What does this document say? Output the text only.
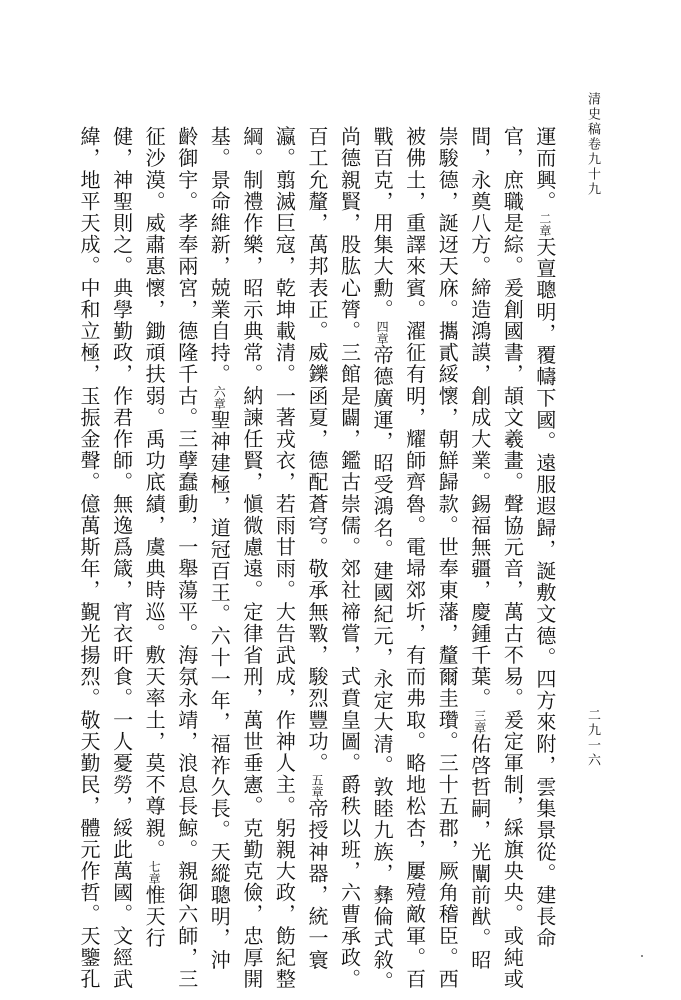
清史稿卷九十九
二九一六
運而興。二章天亶聰明，覆幬下國。遠服遐歸，誕敷文德。四方來附，雲集景從。建長命
官，庶職是綜。爰創國書，頡文羲畫。聲協元音，萬古不易。爰定軍制，綵旗央央。或純或
間，永奠八方。締造鴻謨，創成大業。錫福無疆，慶鍾千葉。三章佑啓哲嗣，光闡前猷。昭
崇駿德，誕迓天庥。攜貳綏懷，朝鮮歸款。世奉東藩，釐爾圭瓚。三十五郡，厥角稽臣。西
被佛土，重譯來賓。濯征有明，耀師齊魯。電埽郊圻，有而弗取。略地松杏，屢殪敵軍。百
戰百克，用集大勳。四章帝德廣運，昭受鴻名。建國紀元，永定大清。敦睦九族，彝倫式敘。
尚德親賢，股肱心膂。三館是闢，鑑古崇儒。郊社禘嘗，式賁皇圖。爵秩以班，六曹承政。
百工允釐，萬邦表正。威鑠函夏，德配蒼穹。敬承無斁，駿烈豐功。五章帝授神器，統一寰
瀛。翦滅巨寇，乾坤載清。一著戎衣，若雨甘雨。大告武成，作神人主。躬親大政，飭紀整
綱。制禮作樂，昭示典常。納諫任賢，愼微慮遠。定律省刑，萬世垂憲。克勤克儉，忠厚開
基。景命維新，兢業自持。六章聖神建極，道冠百王。六十一年，福祚久長。天縱聰明，沖
齡御宇。孝奉兩宮，德隆千古。三孽蠢動，一舉蕩平。海氛永靖，浪息長鯨。親御六師，三
征沙漠。威肅惠懷，鋤頑扶弱。禹功底績，虞典時巡。敷天率土，莫不尊親。七章惟天行
健，神聖則之。典學勤政，作君作師。無逸爲箴，宵衣旰食。一人憂勞，綏此萬國。文經武
緯，地平天成。中和立極，玉振金聲。億萬斯年，覲光揚烈。敬天勤民，體元作哲。天鑒孔
